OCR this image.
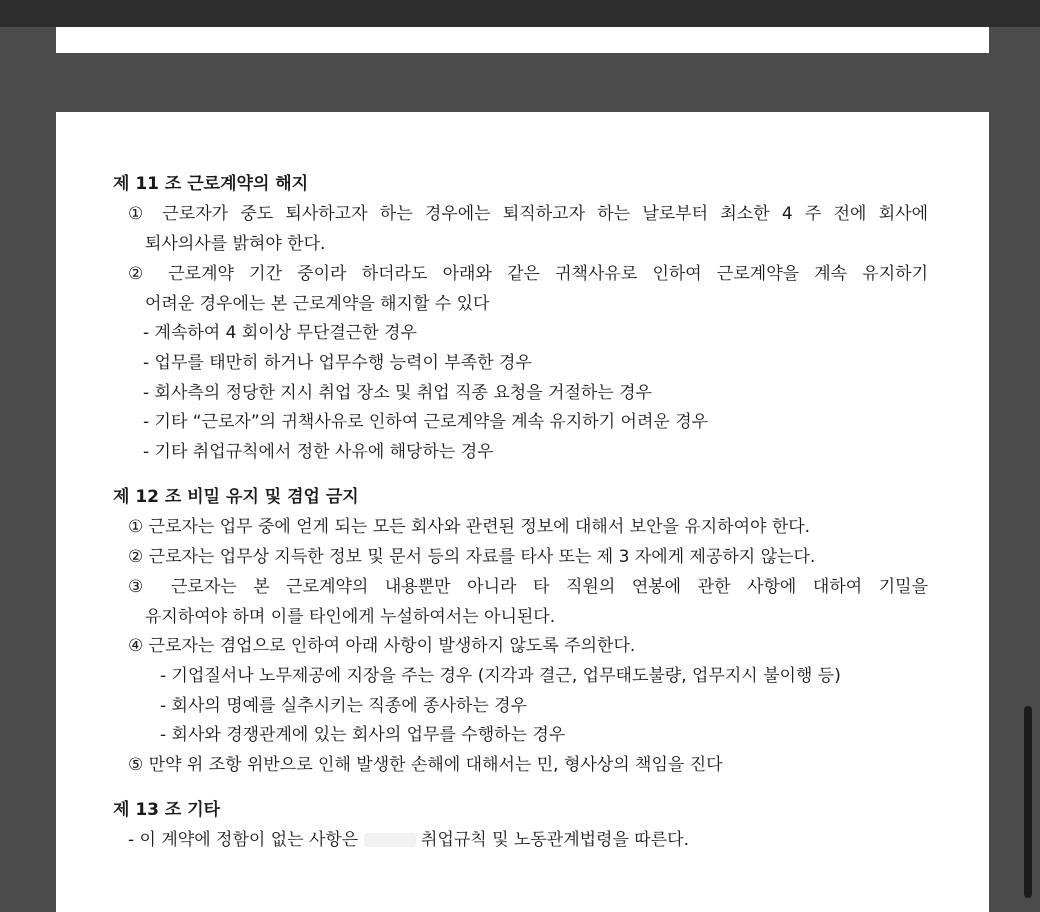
제 11 조 근로계약의 해지
① 근로자가 중도 퇴사하고자 하는 경우에는 퇴직하고자 하는 날로부터 최소한 4 주 전에 회사에
퇴사의사를 밝혀야 한다.
② 근로계약 기간 중이라 하더라도 아래와 같은 귀책사유로 인하여 근로계약을 계속 유지하기
어려운 경우에는 본 근로계약을 해지할 수 있다
- 계속하여 4 회이상 무단결근한 경우
- 업무를 태만히 하거나 업무수행 능력이 부족한 경우
- 회사측의 정당한 지시 취업 장소 및 취업 직종 요청을 거절하는 경우
- 기타 “근로자”의 귀책사유로 인하여 근로계약을 계속 유지하기 어려운 경우
- 기타 취업규칙에서 정한 사유에 해당하는 경우
제 12 조 비밀 유지 및 겸업 금지
① 근로자는 업무 중에 얻게 되는 모든 회사와 관련된 정보에 대해서 보안을 유지하여야 한다.
② 근로자는 업무상 지득한 정보 및 문서 등의 자료를 타사 또는 제 3 자에게 제공하지 않는다.
③ 근로자는 본 근로계약의 내용뿐만 아니라 타 직원의 연봉에 관한 사항에 대하여 기밀을
유지하여야 하며 이를 타인에게 누설하여서는 아니된다.
④ 근로자는 겸업으로 인하여 아래 사항이 발생하지 않도록 주의한다.
- 기업질서나 노무제공에 지장을 주는 경우 (지각과 결근, 업무태도불량, 업무지시 불이행 등)
- 회사의 명예를 실추시키는 직종에 종사하는 경우
- 회사와 경쟁관계에 있는 회사의 업무를 수행하는 경우
⑤ 만약 위 조항 위반으로 인해 발생한 손해에 대해서는 민, 형사상의 책임을 진다
제 13 조 기타
- 이 계약에 정함이 없는 사항은	취업규칙 및 노동관계법령을 따른다.
